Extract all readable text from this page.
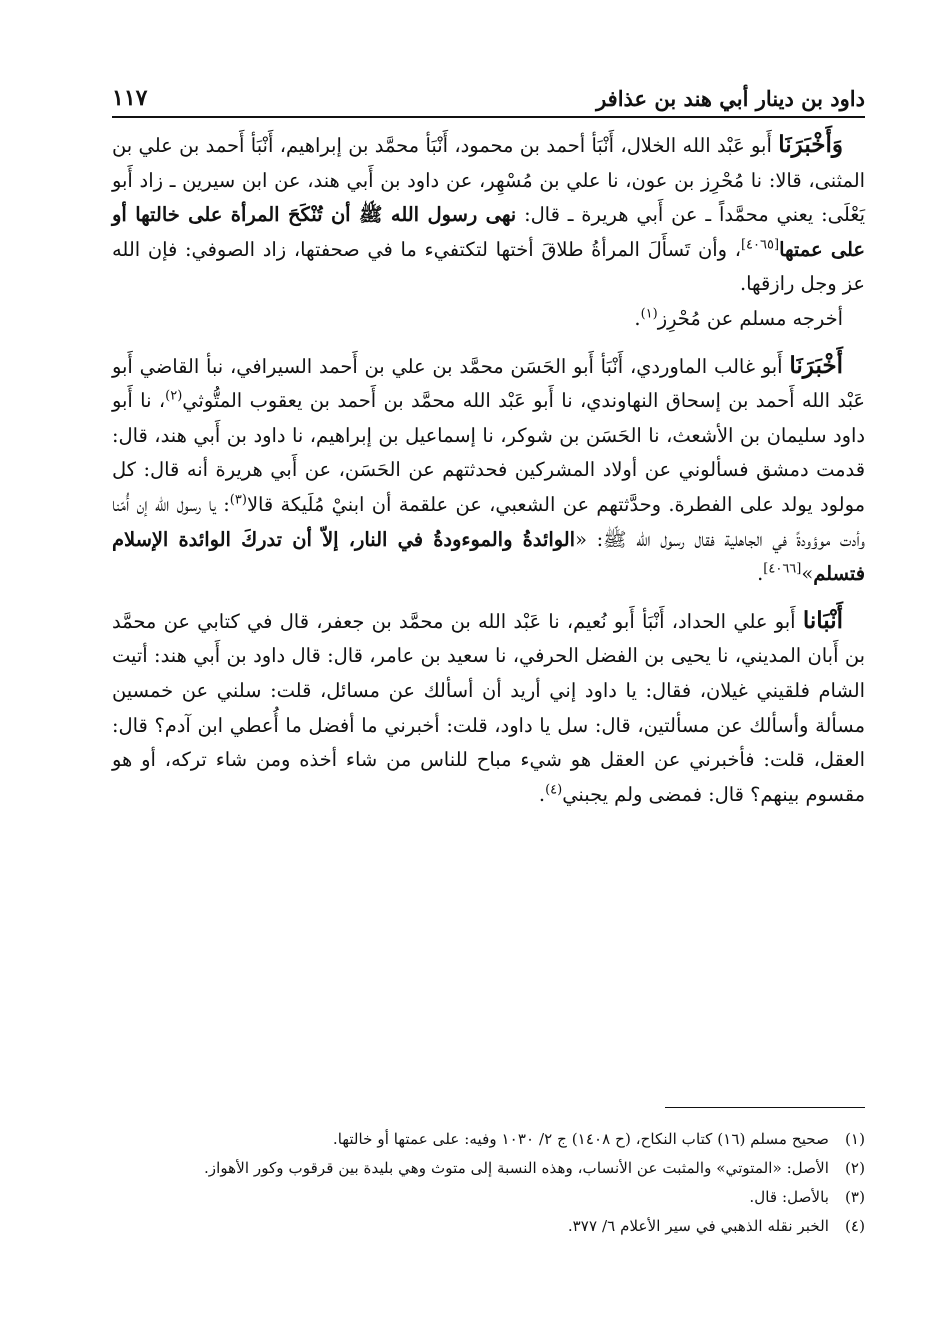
داود بن دينار أبي هند بن عذافر
١١٧

وَأَخْبَرَنَا أَبو عَبْد الله الخلال، أَنْبَأ أحمد بن محمود، أَنْبَأ محمَّد بن إبراهيم، أَنْبَأ أَحمد بن علي بن المثنى، قالا: نا مُحْرِز بن عون، نا علي بن مُسْهِر، عن داود بن أَبي هند، عن ابن سيرين ـ زاد أَبو يَعْلَى: يعني محمَّداً ـ عن أَبي هريرة ـ قال: نهى رسول الله ﷺ أن تُنْكَحَ المرأة على خالتها أو على عمتها[٤٠٦٥]، وأن تَسأَلَ المرأةُ طلاقَ أختها لتكتفيء ما في صحفتها، زاد الصوفي: فإن الله عز وجل رازقها.

أخرجه مسلم عن مُحْرِز$^{(١)}$.

أَخْبَرَنَا أَبو غالب الماوردي، أَنْبَأ أَبو الحَسَن محمَّد بن علي بن أَحمد السيرافي، نبأ القاضي أَبو عَبْد الله أَحمد بن إسحاق النهاوندي، نا أَبو عَبْد الله محمَّد بن أَحمد بن يعقوب المتُّوثي$^{(٢)}$، نا أَبو داود سليمان بن الأشعث، نا الحَسَن بن شوكر، نا إسماعيل بن إبراهيم، نا داود بن أَبي هند، قال: قدمت دمشق فسألوني عن أولاد المشركين فحدثتهم عن الحَسَن، عن أَبي هريرة أنه قال: كل مولود يولد على الفطرة. وحدَّثتهم عن الشعبي، عن علقمة أن ابنيْ مُلَيكة قالا$^{(٣)}$: يا رسول الله إن أُمّنا وأدت موؤودةً في الجاهلية فقال رسول الله ﷺ: «الوائدةُ والموءودةُ في النار، إلاّ أن تدركَ الوائدة الإسلام فتسلم»[٤٠٦٦].

أَنْبَانا أَبو علي الحداد، أَنْبَأ أَبو نُعيم، نا عَبْد الله بن محمَّد بن جعفر، قال في كتابي عن محمَّد بن أَبان المديني، نا يحيى بن الفضل الحرفي، نا سعيد بن عامر، قال: قال داود بن أَبي هند: أتيت الشام فلقيني غيلان، فقال: يا داود إني أريد أن أسألك عن مسائل، قلت: سلني عن خمسين مسألة وأسألك عن مسألتين، قال: سل يا داود، قلت: أخبرني ما أفضل ما أُعطي ابن آدم؟ قال: العقل، قلت: فأخبرني عن العقل هو شيء مباح للناس من شاء أخذه ومن شاء تركه، أو هو مقسوم بينهم؟ قال: فمضى ولم يجبني$^{(٤)}$.

(١)
صحيح مسلم (١٦) كتاب النكاح، (ح ١٤٠٨) ج ٢/ ١٠٣٠ وفيه: على عمتها أو خالتها.
(٢)
الأصل: «المتوتي» والمثبت عن الأنساب، وهذه النسبة إلى متوث وهي بليدة بين قرقوب وكور الأهواز.
(٣)
بالأصل: قال.
(٤)
الخبر نقله الذهبي في سير الأعلام ٦/ ٣٧٧.
